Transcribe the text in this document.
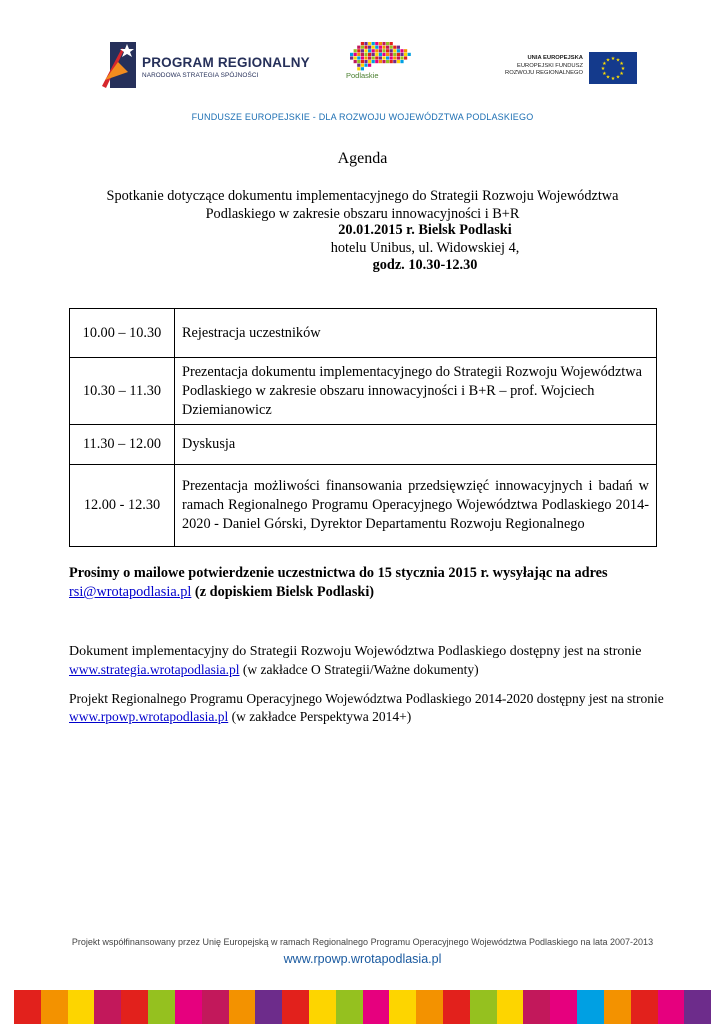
PROGRAM REGIONALNY
NARODOWA STRATEGIA SPÓJNOŚCI	Podlaskie
UNIA EUROPEJSKA
EUROPEJSKI FUNDUSZ
ROZWOJU REGIONALNEGO
★
★
★
★
★
★
★
★
★ ★ ★
★
FUNDUSZE EUROPEJSKIE - DLA ROZWOJU WOJEWÓDZTWA PODLASKIEGO
Agenda
Spotkanie dotyczące dokumentu implementacyjnego do Strategii Rozwoju Województwa
Podlaskiego w zakresie obszaru innowacyjności i B+R
20.01.2015 r. Bielsk Podlaski
hotelu Unibus, ul. Widowskiej 4,
godz. 10.30-12.30
10.00 – 10.30	Rejestracja uczestników
10.30 – 11.30	Prezentacja dokumentu implementacyjnego do Strategii Rozwoju Województwa Podlaskiego w zakresie obszaru innowacyjności i B+R – prof. Wojciech Dziemianowicz
11.30 – 12.00	Dyskusja
12.00 - 12.30	Prezentacja możliwości finansowania przedsięwzięć innowacyjnych i badań w ramach Regionalnego Programu Operacyjnego Województwa Podlaskiego 2014-2020 - Daniel Górski, Dyrektor Departamentu Rozwoju Regionalnego
Prosimy o mailowe potwierdzenie uczestnictwa do 15 stycznia 2015 r. wysyłając na adres
rsi@wrotapodlasia.pl (z dopiskiem Bielsk Podlaski)
Dokument implementacyjny do Strategii Rozwoju Województwa Podlaskiego dostępny jest na stronie www.strategia.wrotapodlasia.pl (w zakładce O Strategii/Ważne dokumenty)
Projekt Regionalnego Programu Operacyjnego Województwa Podlaskiego 2014-2020 dostępny jest na stronie www.rpowp.wrotapodlasia.pl (w zakładce Perspektywa 2014+)
Projekt współfinansowany przez Unię Europejską w ramach Regionalnego Programu Operacyjnego Województwa Podlaskiego na lata 2007-2013
www.rpowp.wrotapodlasia.pl
